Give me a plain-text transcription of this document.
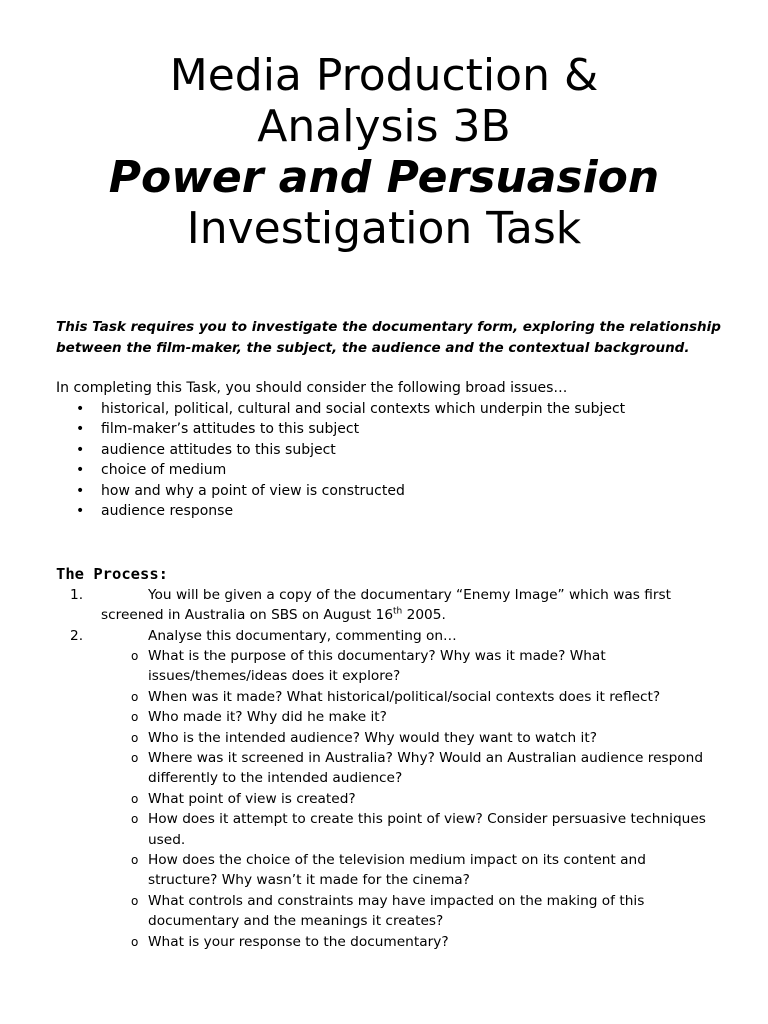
Media Production &
Analysis 3B
Power and Persuasion
Investigation Task

This Task requires you to investigate the documentary form, exploring the relationship between the film-maker, the subject, the audience and the contextual background.

In completing this Task, you should consider the following broad issues…

• historical, political, cultural and social contexts which underpin the subject
• film-maker’s attitudes to this subject
• audience attitudes to this subject
• choice of medium
• how and why a point of view is constructed
• audience response
The Process:
1.	You will be given a copy of the documentary “Enemy Image” which was first
screened in Australia on SBS on August 16th 2005.
2.	Analyse this documentary, commenting on…
o What is the purpose of this documentary? Why was it made? What issues/themes/ideas does it explore?
o When was it made? What historical/political/social contexts does it reflect?
o Who made it? Why did he make it?
o Who is the intended audience? Why would they want to watch it?
o Where was it screened in Australia? Why? Would an Australian audience respond differently to the intended audience?
o What point of view is created?
o How does it attempt to create this point of view? Consider persuasive techniques used.
o How does the choice of the television medium impact on its content and structure? Why wasn’t it made for the cinema?
o What controls and constraints may have impacted on the making of this documentary and the meanings it creates?
o What is your response to the documentary?
